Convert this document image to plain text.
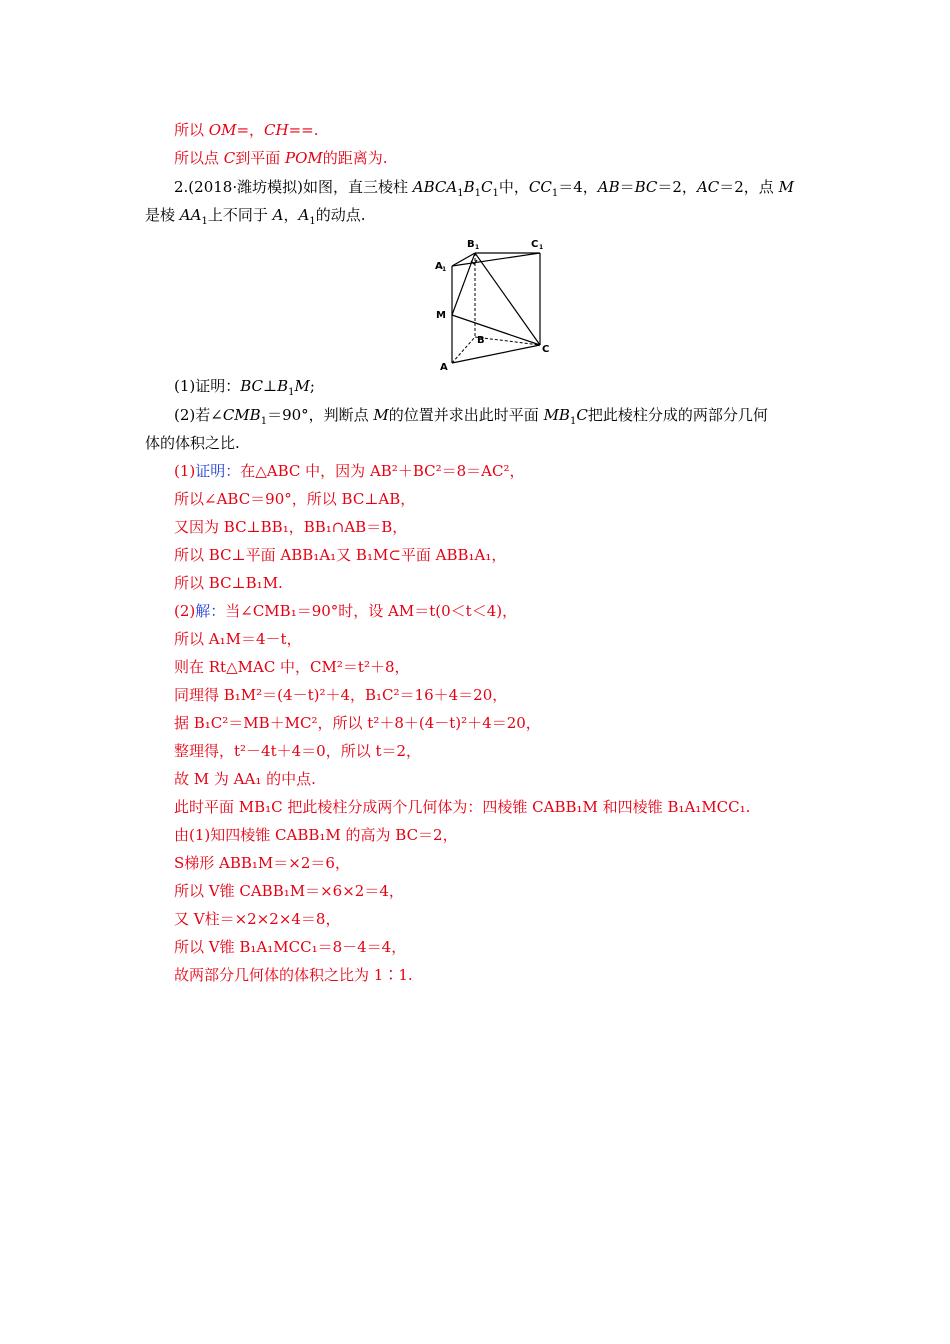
所以 OM=，CH==.
所以点 C到平面 POM的距离为.
2.(2018·潍坊模拟)如图，直三棱柱 $ABCA_1B_1C_1$中，$CC_1=4$，AB＝BC＝2，AC＝2，点 M
是棱 $AA_1$上不同于 A，$A_1$的动点.
B 1	C 1
A 1
M
B
C
A
(1)证明：$BC\perp B_1M$;
(2)若$\angle CMB_1=90^\circ$，判断点 M的位置并求出此时平面 $MB_1C$把此棱柱分成的两部分几何
体的体积之比.
(1)证明：在△ABC 中，因为 AB²＋BC²＝8＝AC²，
所以∠ABC＝90°，所以 BC⊥AB，
又因为 BC⊥BB₁，BB₁∩AB＝B，
所以 BC⊥平面 ABB₁A₁又 B₁M⊂平面 ABB₁A₁，
所以 BC⊥B₁M.
(2)解：当∠CMB₁＝90°时，设 AM＝t(0＜t＜4)，
所以 A₁M＝4－t，
则在 Rt△MAC 中，CM²＝t²＋8，
同理得 B₁M²＝(4－t)²＋4，B₁C²＝16＋4＝20，
据 B₁C²＝MB＋MC²，所以 t²＋8＋(4－t)²＋4＝20，
整理得，t²－4t＋4＝0，所以 t＝2，
故 M 为 AA₁ 的中点.
此时平面 MB₁C 把此棱柱分成两个几何体为：四棱锥 CABB₁M 和四棱锥 B₁A₁MCC₁.
由(1)知四棱锥 CABB₁M 的高为 BC＝2，
S梯形 ABB₁M＝×2＝6，
所以 V锥 CABB₁M＝×6×2＝4，
又 V柱＝×2×2×4＝8，
所以 V锥 B₁A₁MCC₁＝8－4＝4，
故两部分几何体的体积之比为 1∶1.
